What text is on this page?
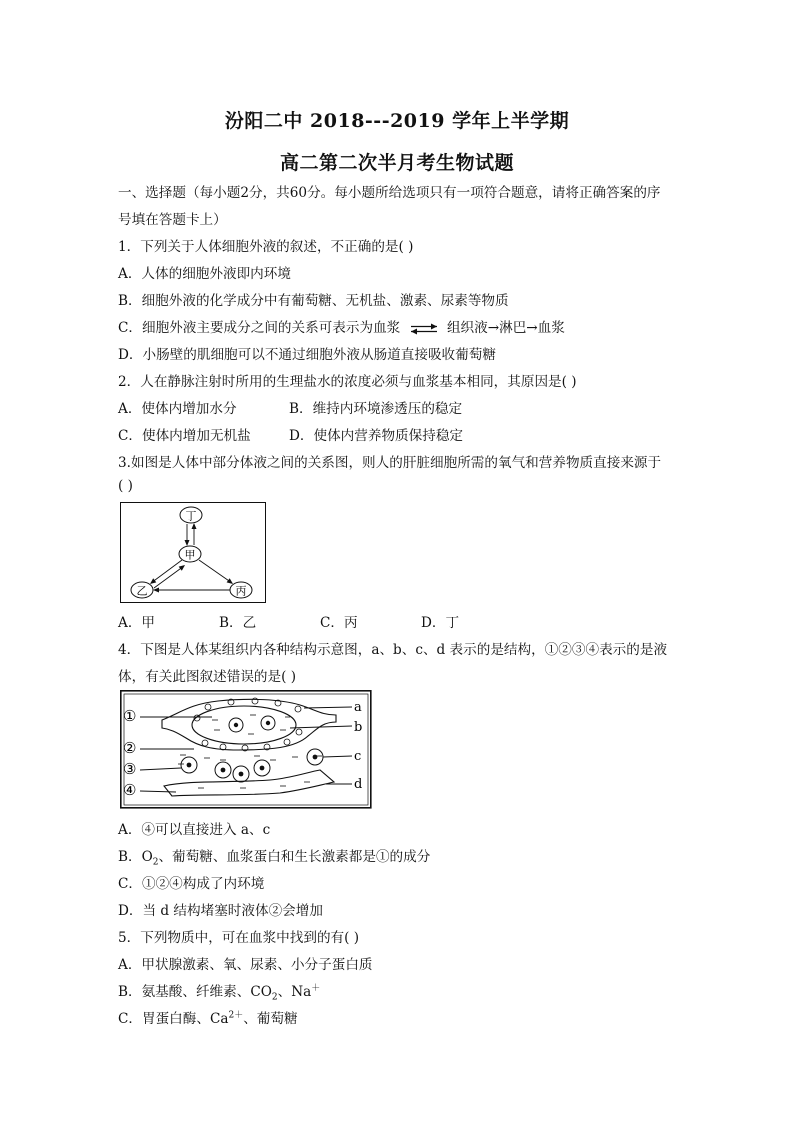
汾阳二中 2018---2019 学年上半学期
高二第二次半月考生物试题
一、选择题（每小题2分，共60分。每小题所给选项只有一项符合题意，请将正确答案的序
号填在答题卡上）
1．下列关于人体细胞外液的叙述，不正确的是( )
A．人体的细胞外液即内环境
B．细胞外液的化学成分中有葡萄糖、无机盐、激素、尿素等物质
C．细胞外液主要成分之间的关系可表示为血浆	组织液→淋巴→血浆
D．小肠壁的肌细胞可以不通过细胞外液从肠道直接吸收葡萄糖
2．人在静脉注射时所用的生理盐水的浓度必须与血浆基本相同，其原因是( )
A．使体内增加水分	B．维持内环境渗透压的稳定
C．使体内增加无机盐	D．使体内营养物质保持稳定
3.如图是人体中部分体液之间的关系图，则人的肝脏细胞所需的氧气和营养物质直接来源于
( )
丁
甲
乙	丙
A．甲	B．乙	C．丙	D．丁
4．下图是人体某组织内各种结构示意图，a、b、c、d 表示的是结构，①②③④表示的是液
体，有关此图叙述错误的是( )
①
②
③
④
a
b
c
d
A．④可以直接进入 a、c
B．$O_2$、葡萄糖、血浆蛋白和生长激素都是①的成分
C．①②④构成了内环境
D．当 d 结构堵塞时液体②会增加
5．下列物质中，可在血浆中找到的有( )
A．甲状腺激素、氧、尿素、小分子蛋白质
B．氨基酸、纤维素、$CO_2$、Na＋
C．胃蛋白酶、$Ca^{2+}$、葡萄糖
